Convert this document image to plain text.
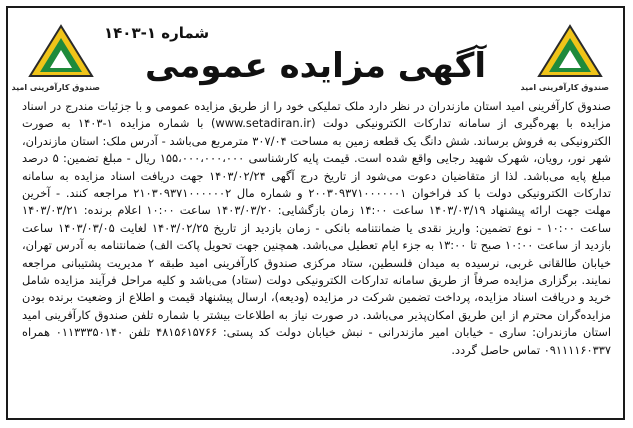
صندوق کارآفرینی امید	صندوق کارآفرینی امید
شماره ۱-۱۴۰۳
آگهی مزایده عمومی

صندوق کارآفرینی امید استان مازندران در نظر دارد ملک تملیکی خود را از طریق مزایده عمومی و با جزئیات مندرج در اسناد مزایده با بهره‌گیری از سامانه تدارکات الکترونیکی دولت (www.setadiran.ir) با شماره مزایده ۱-۱۴۰۳ به صورت الکترونیکی به فروش برساند. شش دانگ یک قطعه زمین به مساحت ۳۰۷/۰۴ مترمربع می‌باشد - آدرس ملک: استان مازندران، شهر نور، رویان، شهرک شهید رجایی واقع شده است. قیمت پایه کارشناسی ۱۵۵،۰۰۰،۰۰۰،۰۰۰ ریال - مبلغ تضمین: ۵ درصد مبلغ پایه می‌باشد. لذا از متقاضیان دعوت می‌شود از تاریخ درج آگهی ۱۴۰۳/۰۲/۲۴ جهت دریافت اسناد مزایده به سامانه تدارکات الکترونیکی دولت با کد فراخوان ۲۰۰۳۰۹۳۷۱۰۰۰۰۰۰۱ و شماره مال ۲۱۰۳۰۹۳۷۱۰۰۰۰۰۰۲ مراجعه کنند. - آخرین مهلت جهت ارائه پیشنهاد ۱۴۰۳/۰۳/۱۹ ساعت ۱۴:۰۰ زمان بازگشایی: ۱۴۰۳/۰۳/۲۰ ساعت ۱۰:۰۰ اعلام برنده: ۱۴۰۳/۰۳/۲۱ ساعت ۱۰:۰۰ - نوع تضمین: واریز نقدی یا ضمانتنامه بانکی - زمان بازدید از تاریخ ۱۴۰۳/۰۲/۲۵ لغایت ۱۴۰۳/۰۳/۰۵ ساعت بازدید از ساعت ۱۰:۰۰ صبح تا ۱۳:۰۰ به جزء ایام تعطیل می‌باشد. همچنین جهت تحویل پاکت الف) ضمانتنامه به آدرس تهران، خیابان طالقانی غربی، نرسیده به میدان فلسطین، ستاد مرکزی صندوق کارآفرینی امید طبقه ۲ مدیریت پشتیبانی مراجعه نمایند. برگزاری مزایده صرفاً از طریق سامانه تدارکات الکترونیکی دولت (ستاد) می‌باشد و کلیه مراحل فرآیند مزایده شامل خرید و دریافت اسناد مزایده، پرداخت تضمین شرکت در مزایده (ودیعه)، ارسال پیشنهاد قیمت و اطلاع از وضعیت برنده بودن مزایده‌گران محترم از این طریق امکان‌پذیر می‌باشد. در صورت نیاز به اطلاعات بیشتر با شماره تلفن صندوق کارآفرینی امید استان مازندران: ساری - خیابان امیر مازندرانی - نبش خیابان دولت کد پستی: ۴۸۱۵۶۱۵۷۶۶ تلفن ۰۱۱۳۳۳۵۰۱۴۰ همراه ۰۹۱۱۱۱۶۰۳۳۷ تماس حاصل گردد.
